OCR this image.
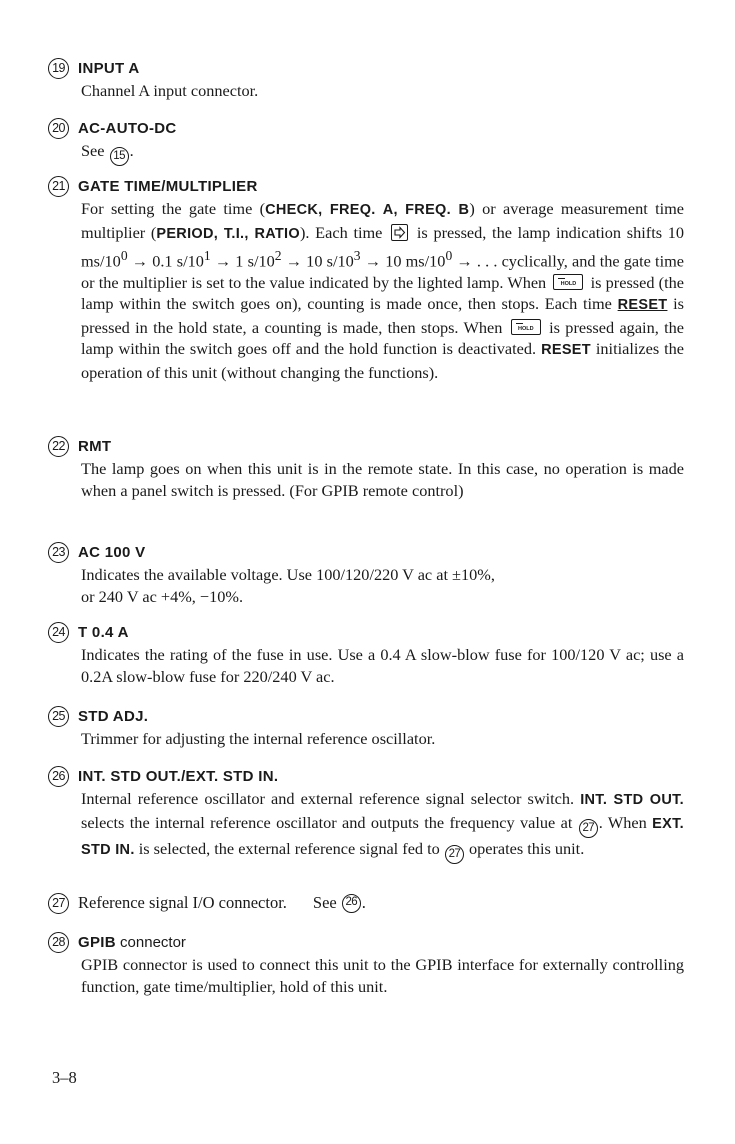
19 INPUT A
Channel A input connector.
20 AC-AUTO-DC
See 15 .
21 GATE TIME/MULTIPLIER
For setting the gate time (CHECK, FREQ. A, FREQ. B) or average measurement time multiplier (PERIOD, T.I., RATIO). Each time is pressed, the lamp indication shifts 10 $ms/10^0 \to 0.1$ $s/10^1 \to 1$ $s/10^2 \to 10$ $s/10^3 \to 10$ $ms/10^0$ → . . . cyclically, and the gate time or the multiplier is set to the value indicated by the lighted lamp. When	HOLD is pressed (the lamp within the switch goes on), counting is made once, then stops. Each time RESET is pressed in the hold state, a counting is made, then stops. When	HOLD is pressed again, the lamp within the switch goes off and the hold function is deactivated. RESET initializes the operation of this unit (without changing the functions).
22 RMT
The lamp goes on when this unit is in the remote state. In this case, no operation is made when a panel switch is pressed. (For GPIB remote control)
23 AC 100 V
Indicates the available voltage. Use 100/120/220 V ac at ±10%,
or 240 V ac +4%, −10%.
24 T 0.4 A
Indicates the rating of the fuse in use. Use a 0.4 A slow-blow fuse for 100/120 V ac; use a 0.2A slow-blow fuse for 220/240 V ac.
25 STD ADJ.
Trimmer for adjusting the internal reference oscillator.
26 INT. STD OUT./EXT. STD IN.
Internal reference oscillator and external reference signal selector switch. INT. STD OUT. selects the internal reference oscillator and outputs the frequency value at 27 . When EXT. STD IN. is selected, the external reference signal fed to 27 operates this unit.
27 Reference signal I/O connector. See
26 .
28 GPIB connector
GPIB connector is used to connect this unit to the GPIB interface for externally controlling function, gate time/multiplier, hold of this unit.
3–8
